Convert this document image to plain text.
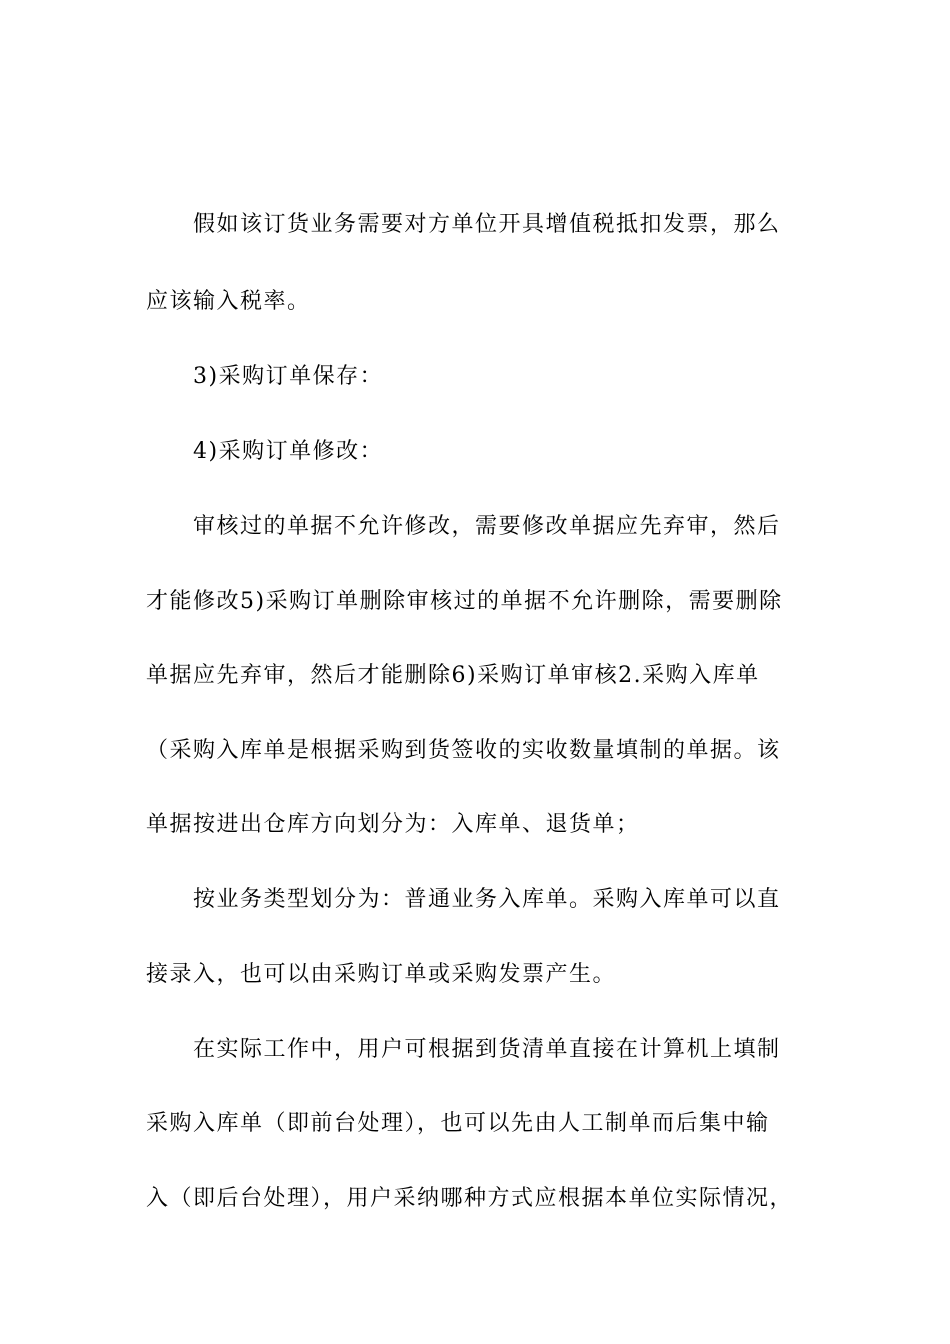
假如该订货业务需要对方单位开具增值税抵扣发票，那么
应该输入税率。
3)采购订单保存：
4)采购订单修改：
审核过的单据不允许修改，需要修改单据应先弃审，然后
才能修改5)采购订单删除审核过的单据不允许删除，需要删除
单据应先弃审，然后才能删除6)采购订单审核2.采购入库单
（采购入库单是根据采购到货签收的实收数量填制的单据。该
单据按进出仓库方向划分为：入库单、退货单；
按业务类型划分为：普通业务入库单。采购入库单可以直
接录入，也可以由采购订单或采购发票产生。
在实际工作中，用户可根据到货清单直接在计算机上填制
采购入库单（即前台处理），也可以先由人工制单而后集中输
入（即后台处理），用户采纳哪种方式应根据本单位实际情况，
